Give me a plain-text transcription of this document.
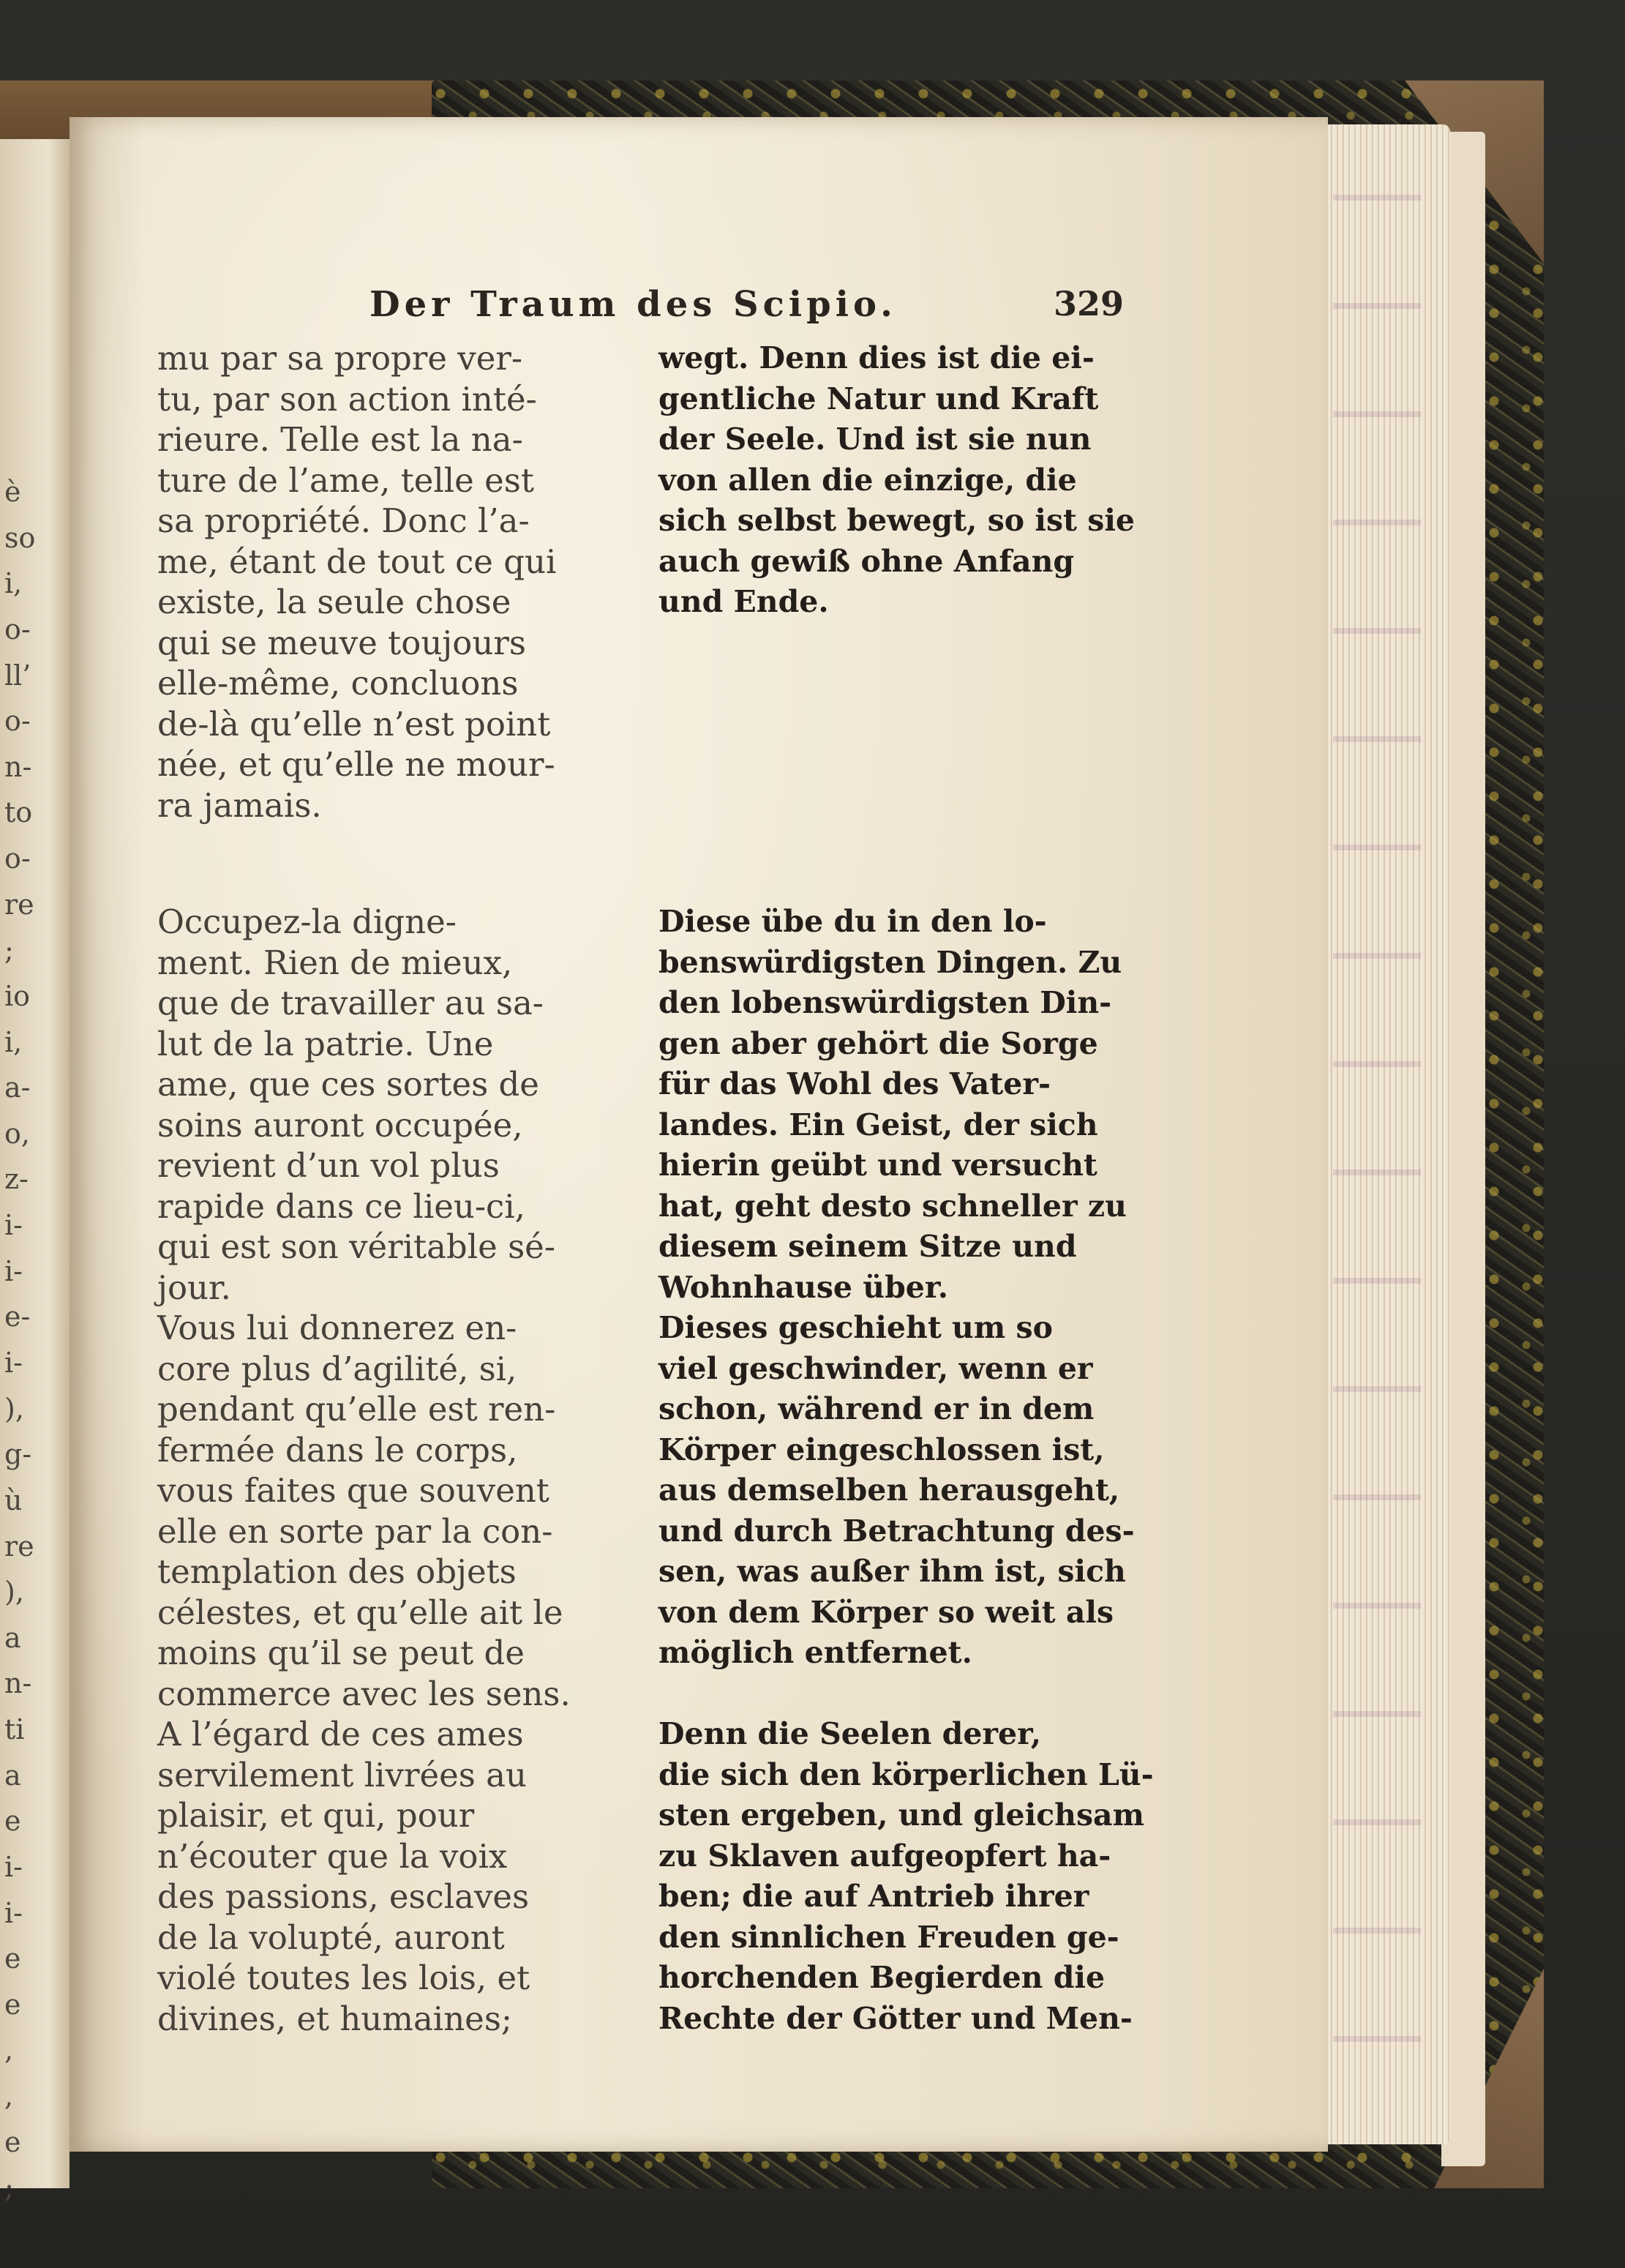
è
so
i,
o-
ll’
o-
n-
to
o-
re
;
io
i,
a-
o,
z-
i-
i-
e-
i-
),
g-
ù
re
),
a
n-
ti
a
e
i-
i-
e
e
,
,
e
;
Der Traum des Scipio.	329
mu par sa propre ver-
tu, par son action inté-
rieure. Telle est la na-
ture de l’ame, telle est
sa propriété. Donc l’a-
me, étant de tout ce qui
existe, la seule chose
qui se meuve toujours
elle-même, concluons
de-là qu’elle n’est point
née, et qu’elle ne mour-
ra jamais.
wegt. Denn dies ist die ei-
gentliche Natur und Kraft
der Seele. Und ist sie nun
von allen die einzige, die
sich selbst bewegt, so ist sie
auch gewiß ohne Anfang
und Ende.
Occupez-la digne-
ment. Rien de mieux,
que de travailler au sa-
lut de la patrie. Une
ame, que ces sortes de
soins auront occupée,
revient d’un vol plus
rapide dans ce lieu-ci,
qui est son véritable sé-
jour.
Vous lui donnerez en-
core plus d’agilité, si,
pendant qu’elle est ren-
fermée dans le corps,
vous faites que souvent
elle en sorte par la con-
templation des objets
célestes, et qu’elle ait le
moins qu’il se peut de
commerce avec les sens.
A l’égard de ces ames
servilement livrées au
plaisir, et qui, pour
n’écouter que la voix
des passions, esclaves
de la volupté, auront
violé toutes les lois, et
divines, et humaines;
Diese übe du in den lo-
benswürdigsten Dingen. Zu
den lobenswürdigsten Din-
gen aber gehört die Sorge
für das Wohl des Vater-
landes. Ein Geist, der sich
hierin geübt und versucht
hat, geht desto schneller zu
diesem seinem Sitze und
Wohnhause über.
Dieses geschieht um so
viel geschwinder, wenn er
schon, während er in dem
Körper eingeschlossen ist,
aus demselben herausgeht,
und durch Betrachtung des-
sen, was außer ihm ist, sich
von dem Körper so weit als
möglich entfernet.
Denn die Seelen derer,
die sich den körperlichen Lü-
sten ergeben, und gleichsam
zu Sklaven aufgeopfert ha-
ben; die auf Antrieb ihrer
den sinnlichen Freuden ge-
horchenden Begierden die
Rechte der Götter und Men-
